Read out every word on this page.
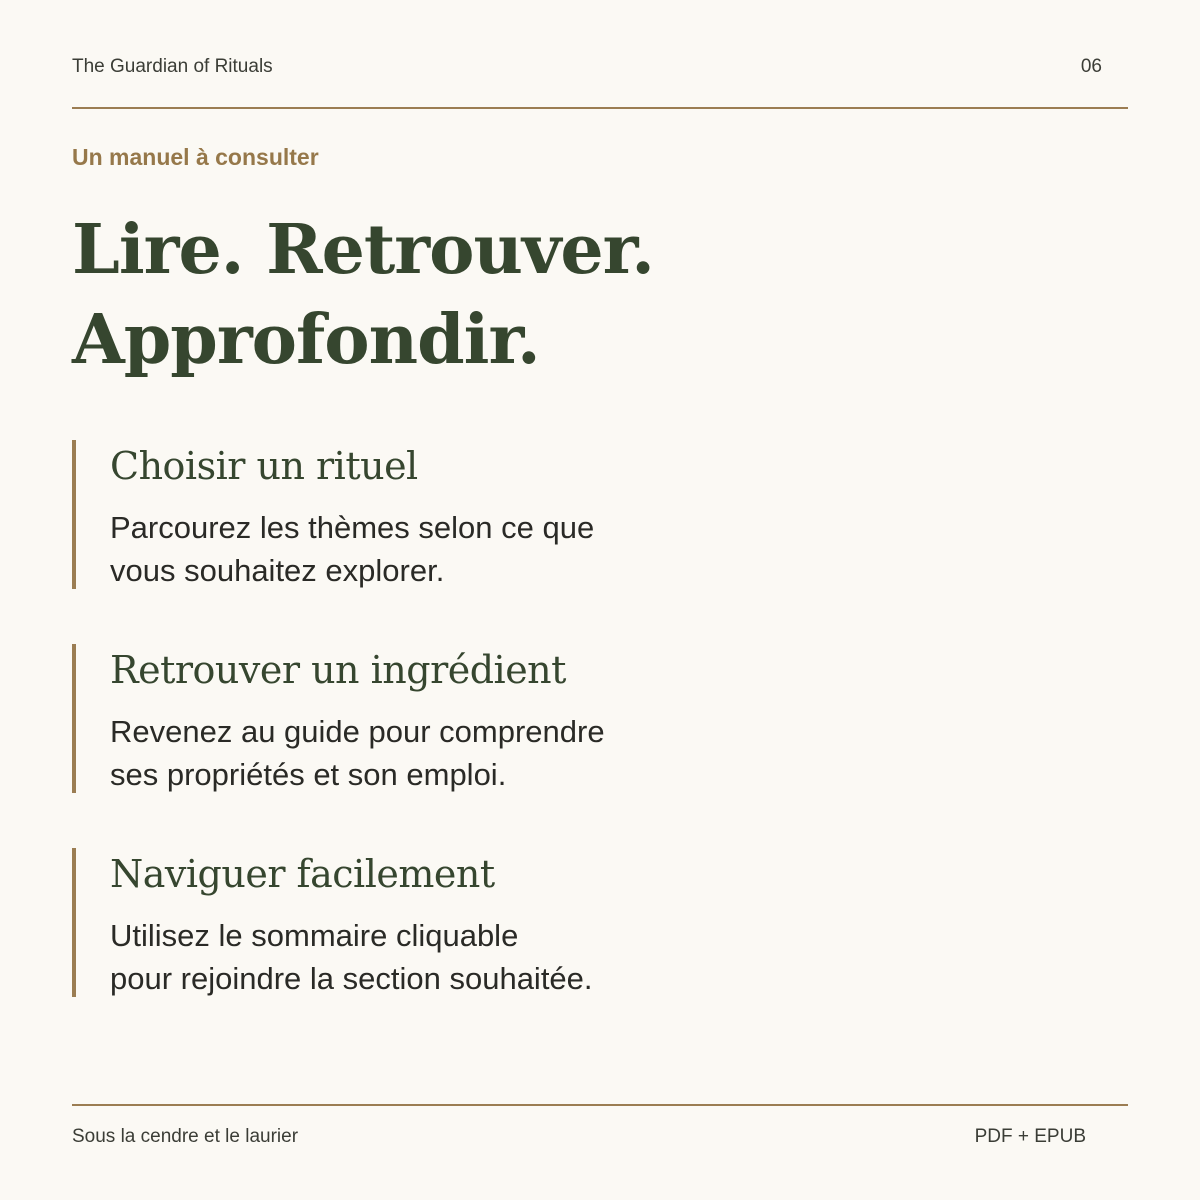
The Guardian of Rituals	06
Un manuel à consulter
Lire. Retrouver.
Approfondir.
Choisir un rituel
Parcourez les thèmes selon ce que
vous souhaitez explorer.
Retrouver un ingrédient
Revenez au guide pour comprendre
ses propriétés et son emploi.
Naviguer facilement
Utilisez le sommaire cliquable
pour rejoindre la section souhaitée.
Sous la cendre et le laurier	PDF + EPUB
